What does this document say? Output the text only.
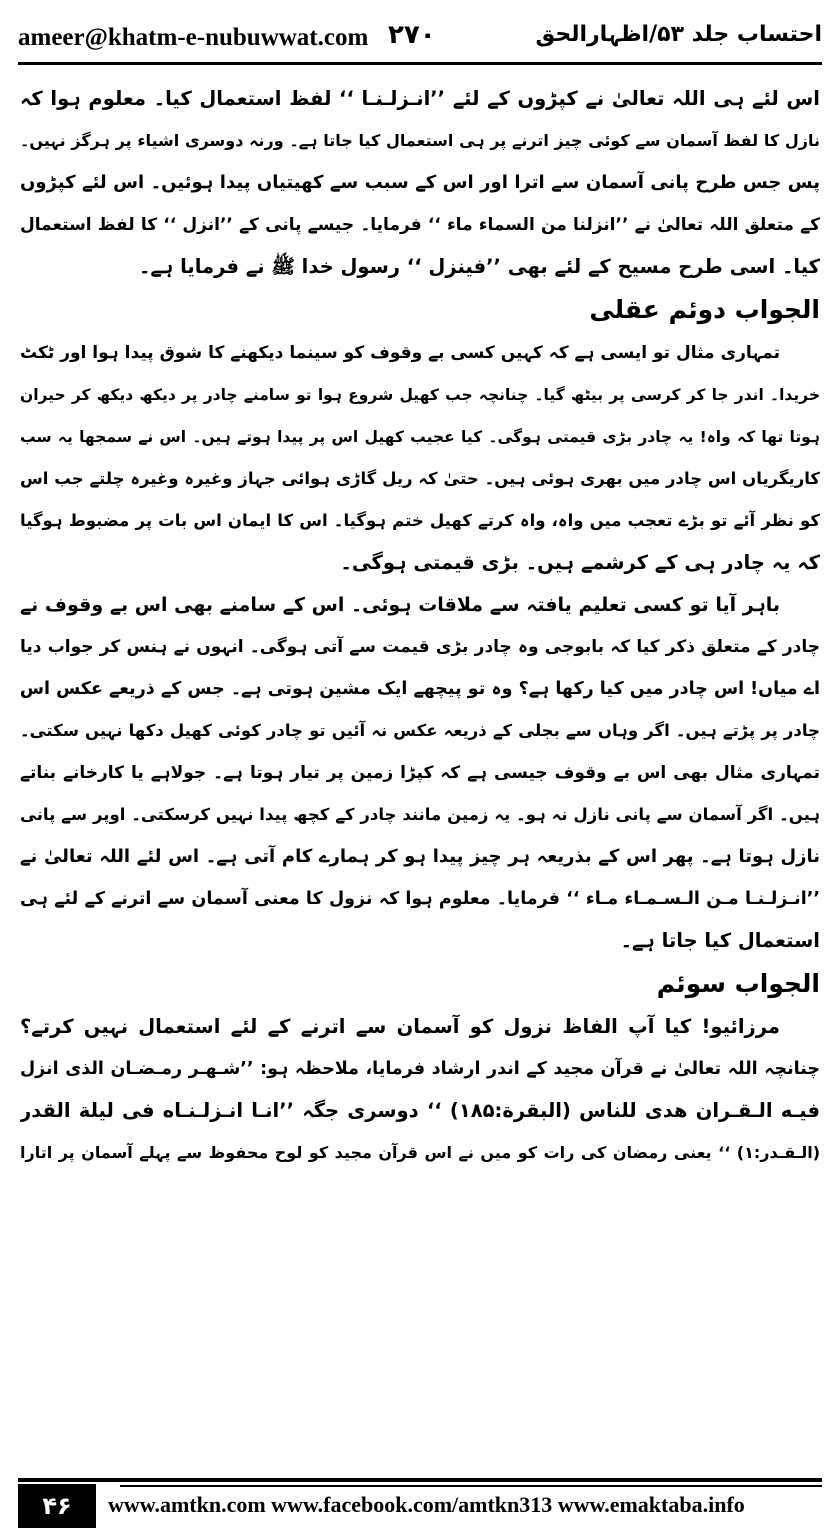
ameer@khatm-e-nubuwwat.com ۲۷۰	احتساب جلد ۵۳/اظہارالحق
اس لئے ہی اللہ تعالیٰ نے کپڑوں کے لئے ’’انـزلـنـا ‘‘ لفظ استعمال کیا۔ معلوم ہوا کہ
نازل کا لفظ آسمان سے کوئی چیز اترنے پر ہی استعمال کیا جاتا ہے۔ ورنہ دوسری اشیاء پر ہرگز نہیں۔
پس جس طرح پانی آسمان سے اترا اور اس کے سبب سے کھیتیاں پیدا ہوئیں۔ اس لئے کپڑوں
کے متعلق اللہ تعالیٰ نے ’’انزلنا من السماء ماء ‘‘ فرمایا۔ جیسے پانی کے ’’انزل ‘‘ کا لفظ استعمال
کیا۔ اسی طرح مسیح کے لئے بھی ’’فینزل ‘‘ رسول خدا ﷺ نے فرمایا ہے۔
الجواب دوئم عقلی
تمہاری مثال تو ایسی ہے کہ کہیں کسی بے وقوف کو سینما دیکھنے کا شوق پیدا ہوا اور ٹکٹ
خریدا۔ اندر جا کر کرسی پر بیٹھ گیا۔ چنانچہ جب کھیل شروع ہوا تو سامنے چادر پر دیکھ دیکھ کر حیران
ہوتا تھا کہ واہ! یہ چادر بڑی قیمتی ہوگی۔ کیا عجیب کھیل اس پر پیدا ہوتے ہیں۔ اس نے سمجھا یہ سب
کاریگریاں اس چادر میں بھری ہوئی ہیں۔ حتیٰ کہ ریل گاڑی ہوائی جہاز وغیرہ وغیرہ چلتے جب اس
کو نظر آئے تو بڑے تعجب میں واہ، واہ کرتے کھیل ختم ہوگیا۔ اس کا ایمان اس بات پر مضبوط ہوگیا
کہ یہ چادر ہی کے کرشمے ہیں۔ بڑی قیمتی ہوگی۔
باہر آیا تو کسی تعلیم یافتہ سے ملاقات ہوئی۔ اس کے سامنے بھی اس بے وقوف نے
چادر کے متعلق ذکر کیا کہ بابوجی وہ چادر بڑی قیمت سے آتی ہوگی۔ انہوں نے ہنس کر جواب دیا
اے میاں! اس چادر میں کیا رکھا ہے؟ وہ تو پیچھے ایک مشین ہوتی ہے۔ جس کے ذریعے عکس اس
چادر پر پڑتے ہیں۔ اگر وہاں سے بجلی کے ذریعہ عکس نہ آئیں تو چادر کوئی کھیل دکھا نہیں سکتی۔
تمہاری مثال بھی اس بے وقوف جیسی ہے کہ کپڑا زمین پر تیار ہوتا ہے۔ جولاہے یا کارخانے بناتے
ہیں۔ اگر آسمان سے پانی نازل نہ ہو۔ یہ زمین مانند چادر کے کچھ پیدا نہیں کرسکتی۔ اوپر سے پانی
نازل ہوتا ہے۔ پھر اس کے بذریعہ ہر چیز پیدا ہو کر ہمارے کام آتی ہے۔ اس لئے اللہ تعالیٰ نے
’’انـزلـنـا مـن الـسـمـاء مـاء ‘‘ فرمایا۔ معلوم ہوا کہ نزول کا معنی آسمان سے اترنے کے لئے ہی
استعمال کیا جاتا ہے۔
الجواب سوئم
مرزائیو! کیا آپ الفاظ نزول کو آسمان سے اترنے کے لئے استعمال نہیں کرتے؟
چنانچہ اللہ تعالیٰ نے قرآن مجید کے اندر ارشاد فرمایا، ملاحظہ ہو: ’’شـهـر رمـضـان الذی انزل
فیـه الـقـران هدی للناس (البقرة:۱۸۵) ‘‘ دوسری جگہ ’’انـا انـزلـنـاه فی لیلة القدر
(الـقـدر:۱) ‘‘ یعنی رمضان کی رات کو میں نے اس قرآن مجید کو لوح محفوظ سے پہلے آسمان پر اتارا
۴۶	www.amtkn.com www.facebook.com/amtkn313 www.emaktaba.info
